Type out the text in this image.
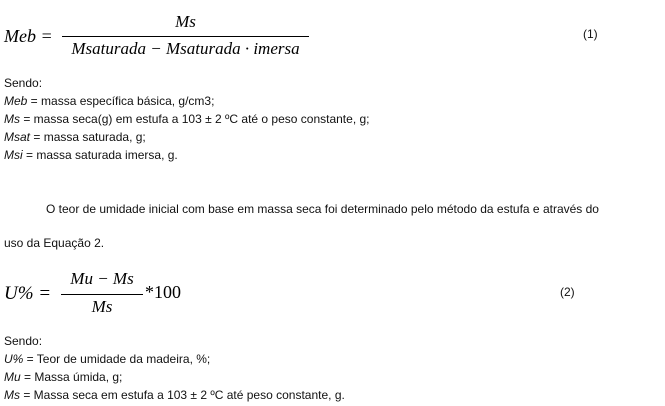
Meb =
Ms
Msaturada − Msaturada · imersa
(1)
Sendo:
Meb = massa específica básica, g/cm3;
Ms = massa seca(g) em estufa a 103 ± 2 ºC até o peso constante, g;
Msat = massa saturada, g;
Msi = massa saturada imersa, g.
O teor de umidade inicial com base em massa seca foi determinado pelo método da estufa e através do
uso da Equação 2.
U% =
Mu − Ms
Ms
*100	(2)
Sendo:
U% = Teor de umidade da madeira, %;
Mu = Massa úmida, g;
Ms = Massa seca em estufa a 103 ± 2 ºC até peso constante, g.
